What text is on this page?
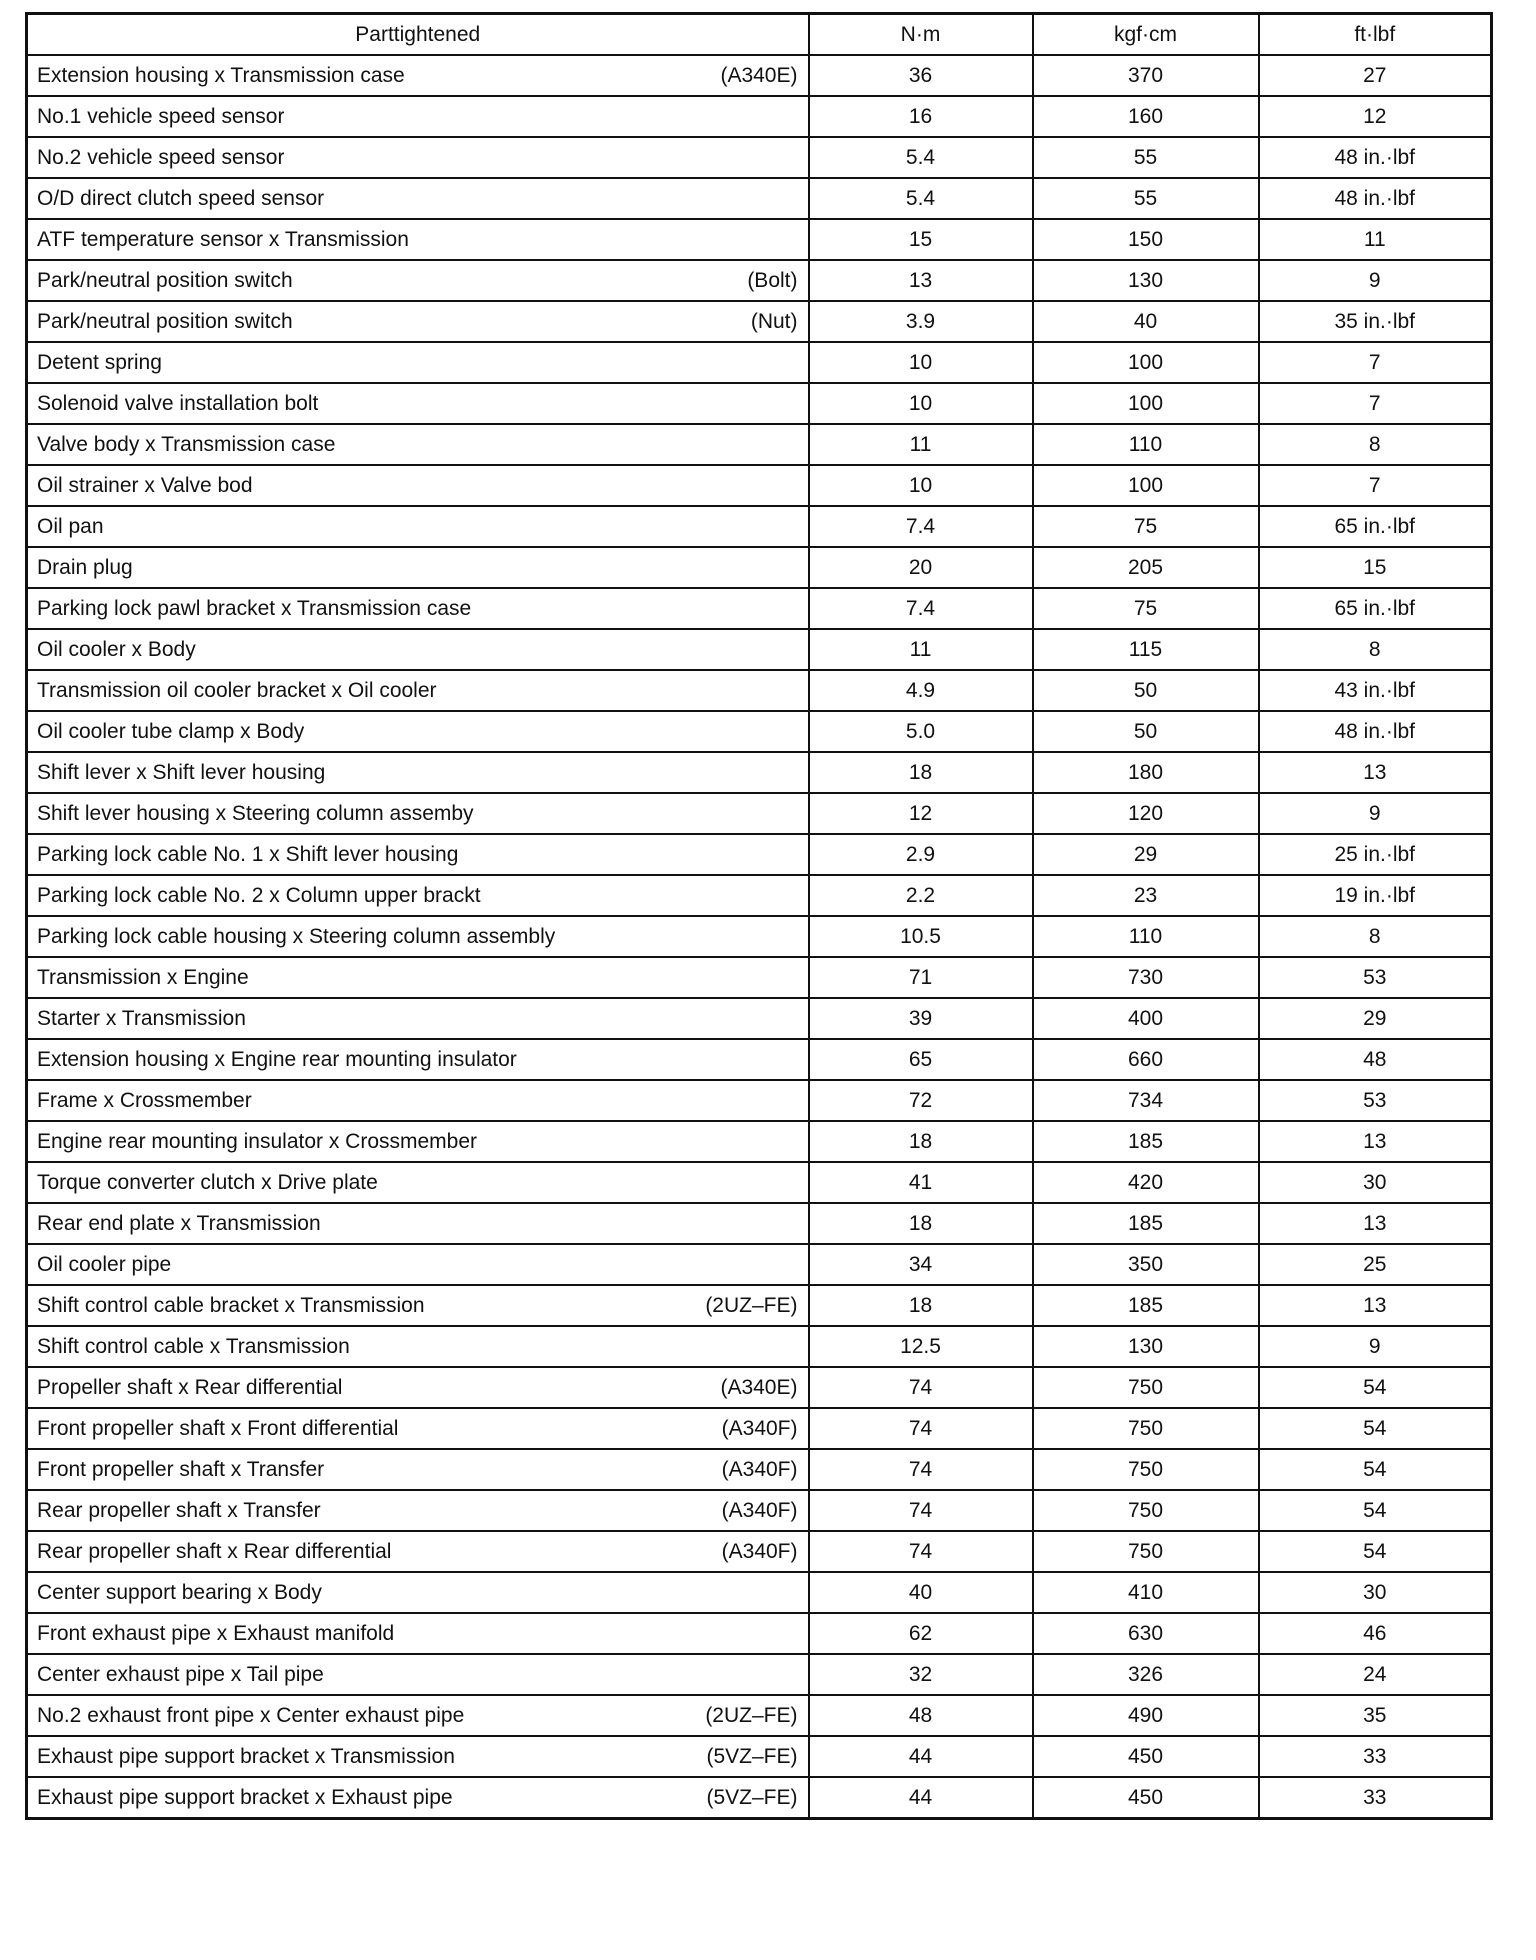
Parttightened	N·m	kgf·cm	ft·lbf

Extension housing x Transmission case (A340E)	36	370	27

No.1 vehicle speed sensor	16	160	12

No.2 vehicle speed sensor	5.4	55	48 in.·lbf

O/D direct clutch speed sensor	5.4	55	48 in.·lbf

ATF temperature sensor x Transmission	15	150	11

Park/neutral position switch (Bolt)	13	130	9

Park/neutral position switch (Nut)	3.9	40	35 in.·lbf

Detent spring	10	100	7

Solenoid valve installation bolt	10	100	7

Valve body x Transmission case	11	110	8

Oil strainer x Valve bod	10	100	7

Oil pan	7.4	75	65 in.·lbf

Drain plug	20	205	15

Parking lock pawl bracket x Transmission case	7.4	75	65 in.·lbf

Oil cooler x Body	11	115	8

Transmission oil cooler bracket x Oil cooler	4.9	50	43 in.·lbf

Oil cooler tube clamp x Body	5.0	50	48 in.·lbf

Shift lever x Shift lever housing	18	180	13

Shift lever housing x Steering column assemby	12	120	9

Parking lock cable No. 1 x Shift lever housing	2.9	29	25 in.·lbf

Parking lock cable No. 2 x Column upper brackt	2.2	23	19 in.·lbf

Parking lock cable housing x Steering column assembly	10.5	110	8

Transmission x Engine	71	730	53

Starter x Transmission	39	400	29

Extension housing x Engine rear mounting insulator	65	660	48

Frame x Crossmember	72	734	53

Engine rear mounting insulator x Crossmember	18	185	13

Torque converter clutch x Drive plate	41	420	30

Rear end plate x Transmission	18	185	13

Oil cooler pipe	34	350	25

Shift control cable bracket x Transmission (2UZ–FE)	18	185	13

Shift control cable x Transmission	12.5	130	9

Propeller shaft x Rear differential (A340E)	74	750	54

Front propeller shaft x Front differential (A340F)	74	750	54

Front propeller shaft x Transfer (A340F)	74	750	54

Rear propeller shaft x Transfer (A340F)	74	750	54

Rear propeller shaft x Rear differential (A340F)	74	750	54

Center support bearing x Body	40	410	30

Front exhaust pipe x Exhaust manifold	62	630	46

Center exhaust pipe x Tail pipe	32	326	24

No.2 exhaust front pipe x Center exhaust pipe (2UZ–FE)	48	490	35

Exhaust pipe support bracket x Transmission (5VZ–FE)	44	450	33

Exhaust pipe support bracket x Exhaust pipe (5VZ–FE)	44	450	33
